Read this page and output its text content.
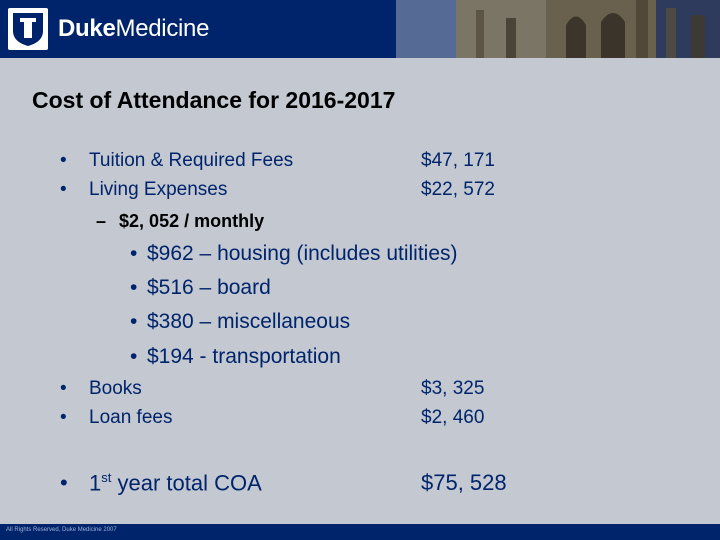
DukeMedicine
Cost of Attendance for 2016-2017
• Tuition & Required Fees	$47, 171
• Living Expenses	$22, 572
– $2, 052 / monthly
• $962 – housing (includes utilities)
• $516 – board
• $380 – miscellaneous
• $194 - transportation
• Books	$3, 325
• Loan fees	$2, 460
• 1st year total COA	$75, 528
All Rights Reserved, Duke Medicine 2007
